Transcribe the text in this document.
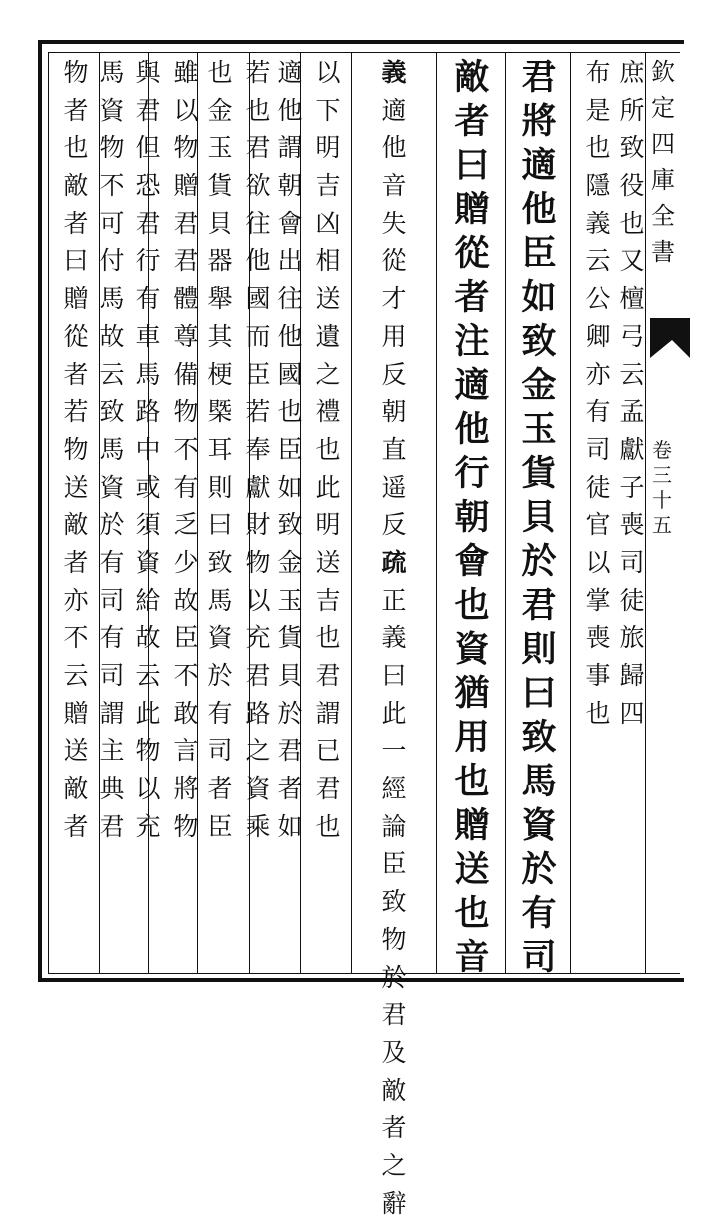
欽
定
四
庫
全
書
卷
三
十
五
庶
所
致
役
也
又
檀
弓
云
孟
獻
子
喪
司
徒
旅
歸
四
布
是
也
隱
義
云
公
卿
亦
有
司
徒
官
以
掌
喪
事
也
君
將
適
他
臣
如
致
金
玉
貨
貝
於
君
則
曰
致
馬
資
於
有
司
敵
者
曰
贈
從
者
注
適
他
行
朝
會
也
資
猶
用
也
贈
送
也
音
義
適
他
音
失
從
才
用
反
朝
直
遥
反
疏
正
義
曰
此
一
經
論
臣
致
物
於
君
及
敵
者
之
辭
以
下
明
吉
凶
相
送
遺
之
禮
也
此
明
送
吉
也
君
謂
已
君
也
適
他
謂
朝
會
出
往
他
國
也
臣
如
致
金
玉
貨
貝
於
君
者
如
若
也
君
欲
往
他
國
而
臣
若
奉
獻
財
物
以
充
君
路
之
資
乘
也
金
玉
貨
貝
器
舉
其
梗
槩
耳
則
曰
致
馬
資
於
有
司
者
臣
雖
以
物
贈
君
君
體
尊
備
物
不
有
乏
少
故
臣
不
敢
言
將
物
與
君
但
恐
君
行
有
車
馬
路
中
或
須
資
給
故
云
此
物
以
充
馬
資
物
不
可
付
馬
故
云
致
馬
資
於
有
司
有
司
謂
主
典
君
物
者
也
敵
者
曰
贈
從
者
若
物
送
敵
者
亦
不
云
贈
送
敵
者
